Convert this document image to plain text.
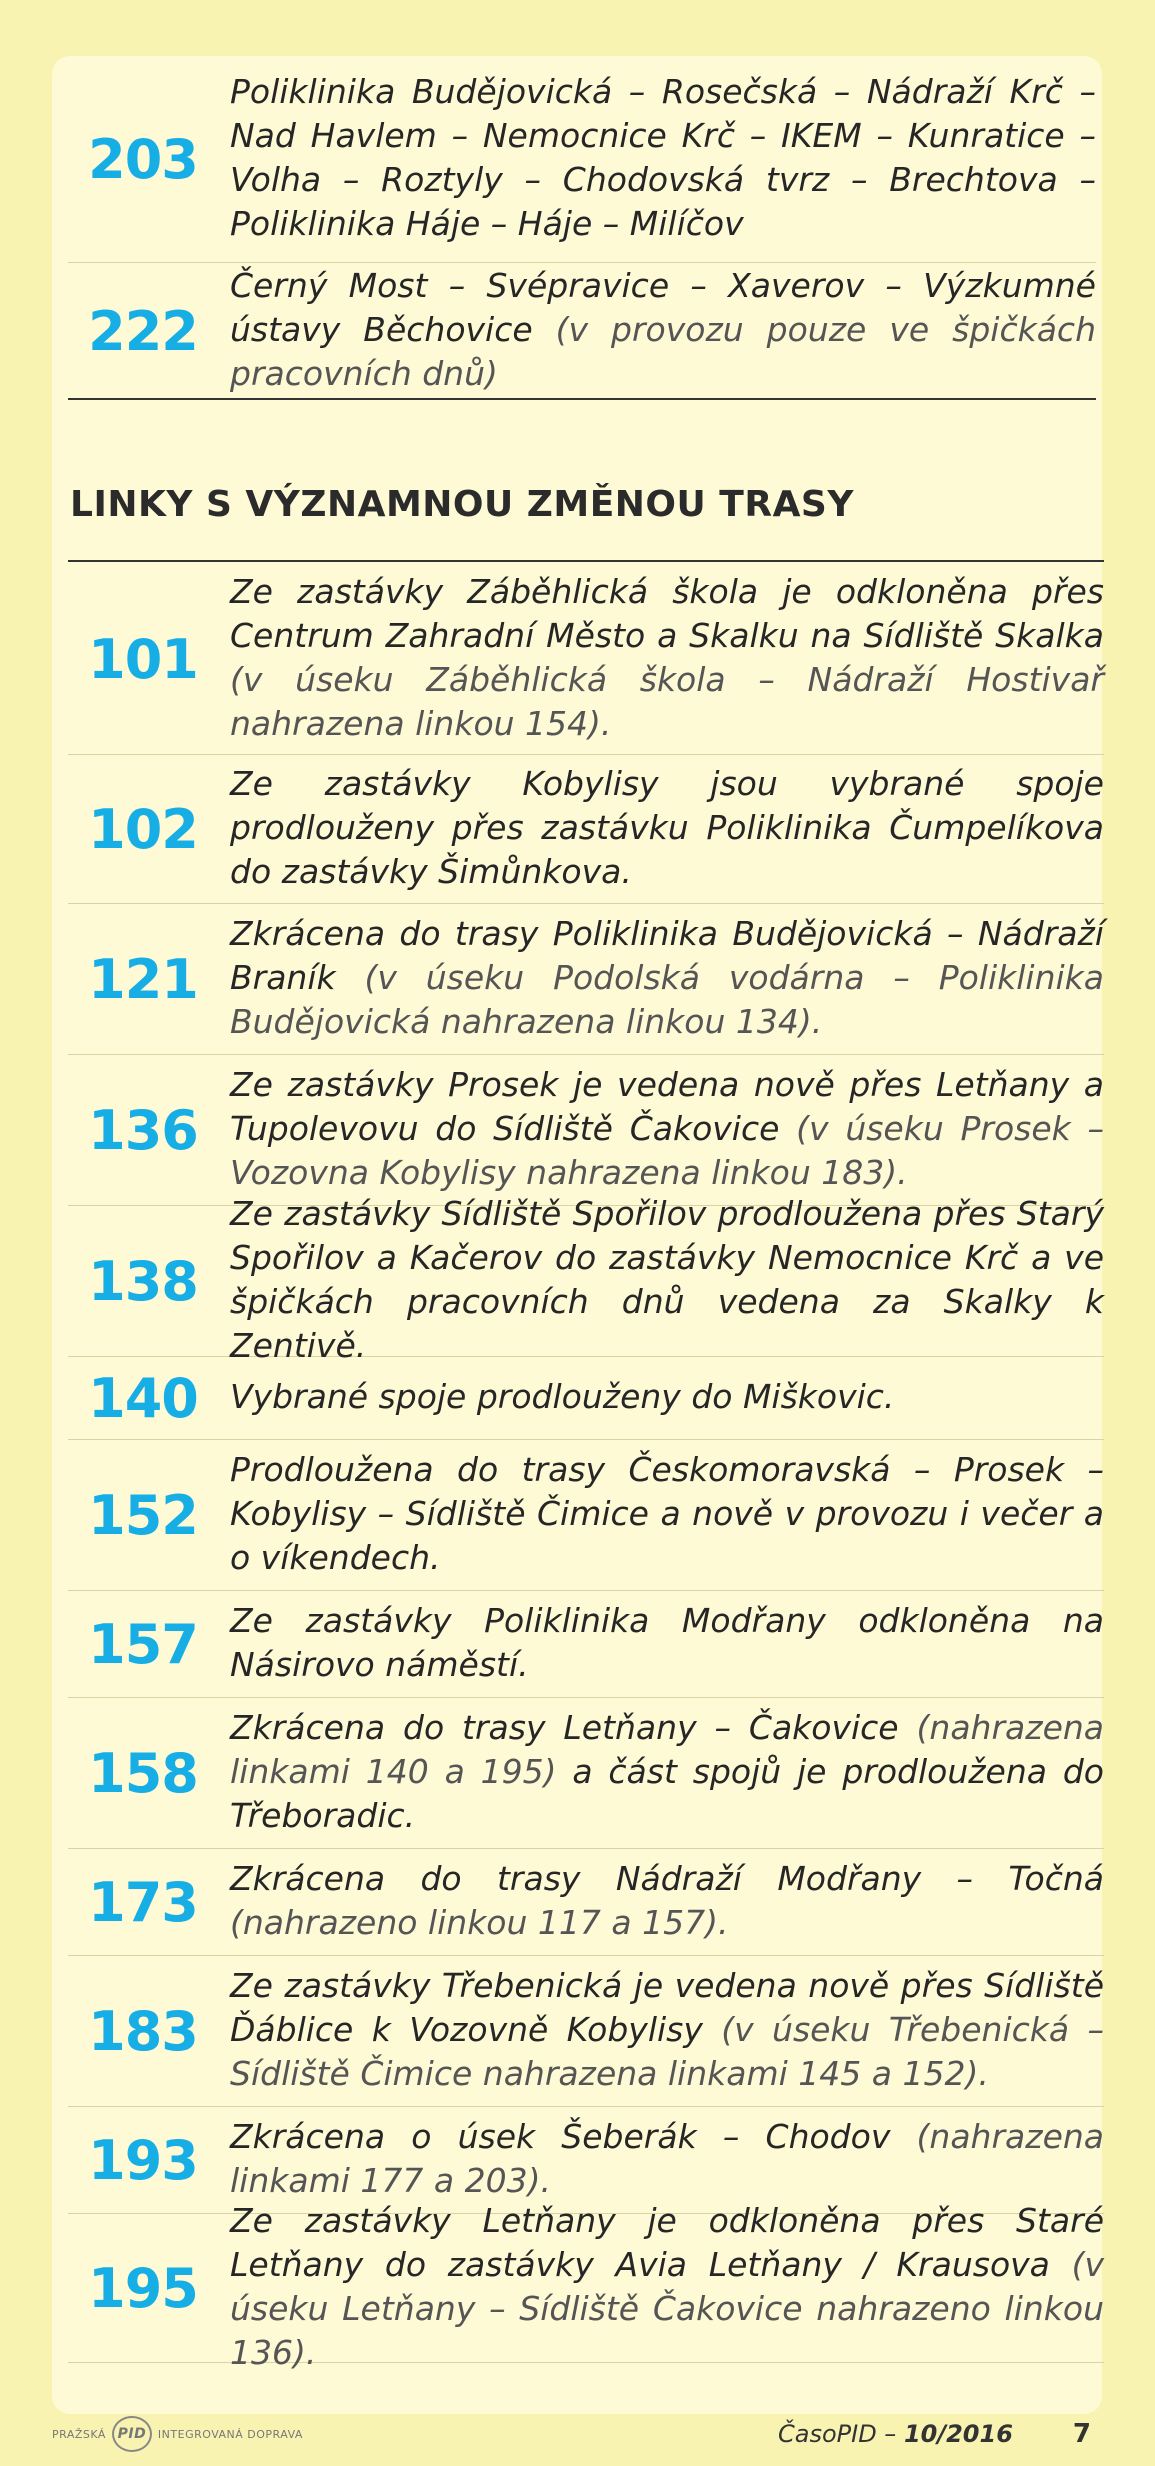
203
Poliklinika Budějovická – Rosečská – Nádraží Krč – Nad Havlem – Nemocnice Krč – IKEM – Kunratice – Volha – Roztyly – Chodovská tvrz – Brechtova – Poliklinika Háje – Háje – Milíčov
222
Černý Most – Svépravice – Xaverov – Výzkumné ústavy Běchovice (v provozu pouze ve špičkách pracovních dnů)
LINKY S VÝZNAMNOU ZMĚNOU TRASY
101
Ze zastávky Záběhlická škola je odkloněna přes Centrum Zahradní Město a Skalku na Sídliště Skalka (v úseku Záběhlická škola – Nádraží Hostivař nahrazena linkou 154).
102
Ze zastávky Kobylisy jsou vybrané spoje prodlouženy přes zastávku Poliklinika Čumpelíkova do zastávky Šimůnkova.
121
Zkrácena do trasy Poliklinika Budějovická – Nádraží Braník (v úseku Podolská vodárna – Poliklinika Budějovická nahrazena linkou 134).
136
Ze zastávky Prosek je vedena nově přes Letňany a Tupolevovu do Sídliště Čakovice (v úseku Prosek – Vozovna Kobylisy nahrazena linkou 183).
138
Ze zastávky Sídliště Spořilov prodloužena přes Starý Spořilov a Kačerov do zastávky Nemocnice Krč a ve špičkách pracovních dnů vedena za Skalky k Zentivě.
140 Vybrané spoje prodlouženy do Miškovic.
152
Prodloužena do trasy Českomoravská – Prosek – Kobylisy – Sídliště Čimice a nově v provozu i večer a o víkendech.
157 Ze zastávky Poliklinika Modřany odkloněna na Násirovo náměstí.
158
Zkrácena do trasy Letňany – Čakovice (nahrazena linkami 140 a 195) a část spojů je prodloužena do Třeboradic.
173 Zkrácena do trasy Nádraží Modřany – Točná (nahrazeno linkou 117 a 157).
183
Ze zastávky Třebenická je vedena nově přes Sídliště Ďáblice k Vozovně Kobylisy (v úseku Třebenická – Sídliště Čimice nahrazena linkami 145 a 152).
193 Zkrácena o úsek Šeberák – Chodov (nahrazena linkami 177 a 203).
195
Ze zastávky Letňany je odkloněna přes Staré Letňany do zastávky Avia Letňany / Krausova (v úseku Letňany – Sídliště Čakovice nahrazeno linkou 136).
PRAŽSKÁ PID	INTEGROVANÁ DOPRAVA	ČasoPID – 10/2016 7
